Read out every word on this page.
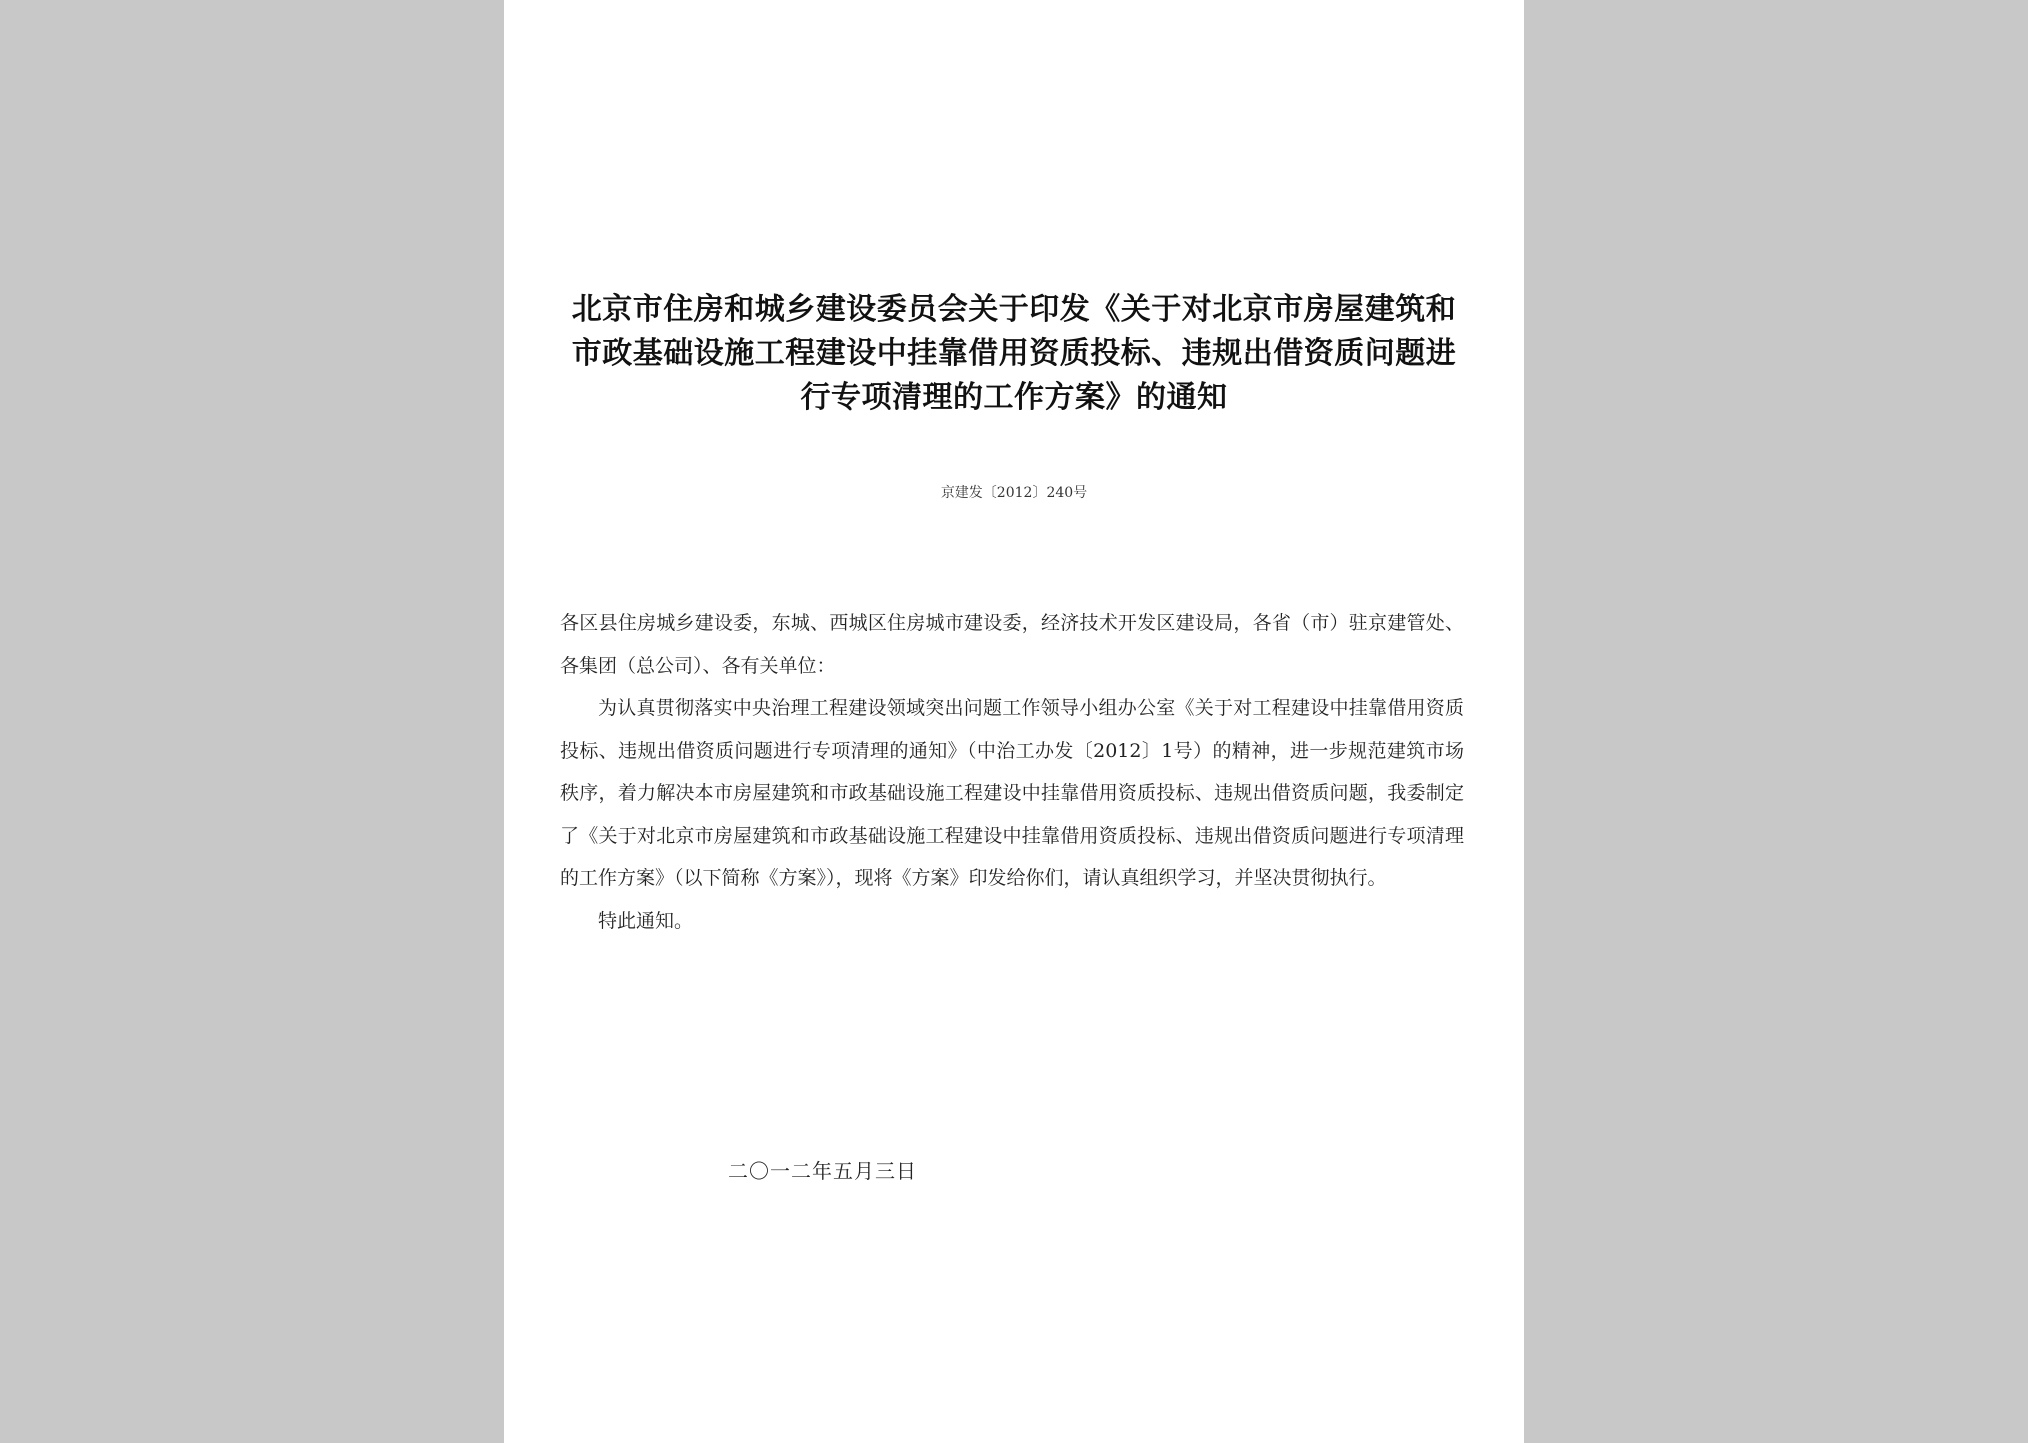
北京市住房和城乡建设委员会关于印发《关于对北京市房屋建筑和市政基础设施工程建设中挂靠借用资质投标、违规出借资质问题进行专项清理的工作方案》的通知
京建发〔2012〕240号

各区县住房城乡建设委，东城、西城区住房城市建设委，经济技术开发区建设局，各省（市）驻京建管处、各集团（总公司）、各有关单位：

为认真贯彻落实中央治理工程建设领域突出问题工作领导小组办公室《关于对工程建设中挂靠借用资质投标、违规出借资质问题进行专项清理的通知》（中治工办发〔2012〕1号）的精神，进一步规范建筑市场秩序，着力解决本市房屋建筑和市政基础设施工程建设中挂靠借用资质投标、违规出借资质问题，我委制定了《关于对北京市房屋建筑和市政基础设施工程建设中挂靠借用资质投标、违规出借资质问题进行专项清理的工作方案》（以下简称《方案》），现将《方案》印发给你们，请认真组织学习，并坚决贯彻执行。

特此通知。

二〇一二年五月三日
